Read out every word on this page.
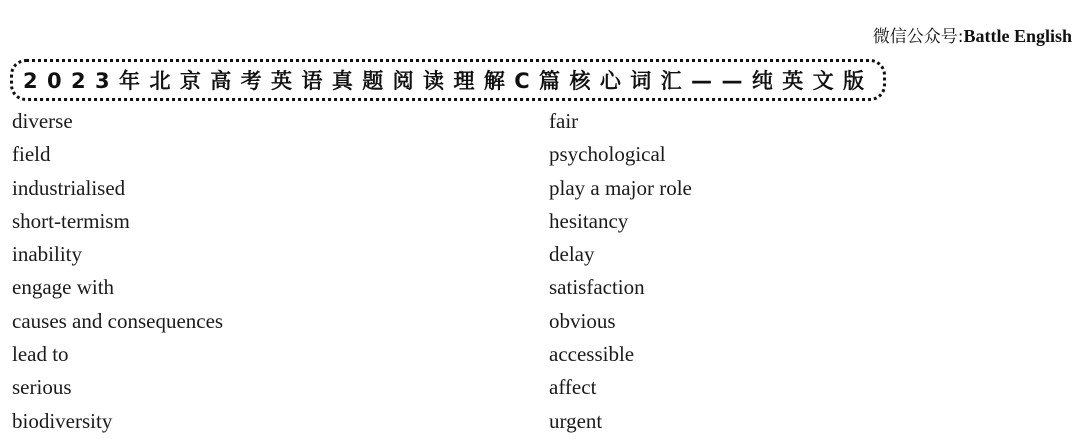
微信公众号:Battle English
2023年北京高考英语真题阅读理解C篇核心词汇——纯英文版
diverse
field
industrialised
short-termism
inability
engage with
causes and consequences
lead to
serious
biodiversity
fair
psychological
play a major role
hesitancy
delay
satisfaction
obvious
accessible
affect
urgent
